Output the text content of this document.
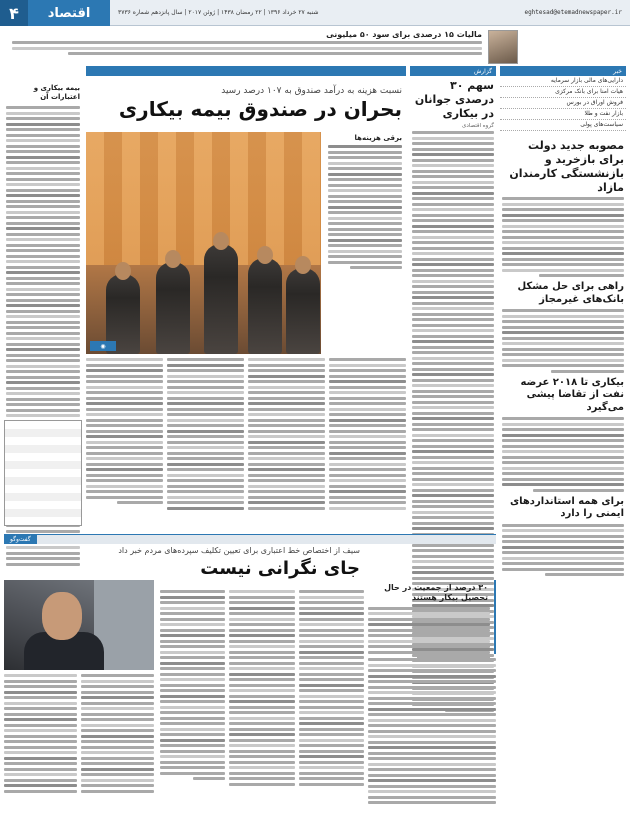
eghtesad@etemadnewspaper.ir
شنبه ۲۷ خرداد ۱۳۹۶ | ۲۲ رمضان ۱۴۳۸ | ژوئن ۲۰۱۷ | سال پانزدهم شماره ۳۷۳۶
اقتصاد
۴
مالیات ۱۵ درصدی برای سود ۵۰ میلیونی
خبر
دارایی‌های مالی بازار سرمایه
هیات امنا برای بانک مرکزی
فروش اوراق در بورس
بازار نفت و طلا
سیاست‌های پولی
مصوبه جدید دولت برای بازخرید و بازنشستگی کارمندان مازاد
راهی برای حل مشکل بانک‌های غیرمجاز
بیکاری تا ۲۰۱۸ عرضه نفت از تقاضا پیشی می‌گیرد
برای همه استانداردهای ایمنی را دارد
گزارش
سهم ۳۰ درصدی جوانان در بیکاری
گروه اقتصادی
نسبت هزینه به درآمد صندوق به ۱۰۷ درصد رسید
بحران در صندوق بیمه بیکاری
برقی هزینه‌ها
◉
بیمه بیکاری و اعتبارات آن
گفت‌وگو
سیف از اختصاص خط اعتباری برای تعیین تکلیف سپرده‌های مردم خبر داد
جای نگرانی نیست
۳۰ درصد از جمعیت در حال تحصیل بیکار هستند
